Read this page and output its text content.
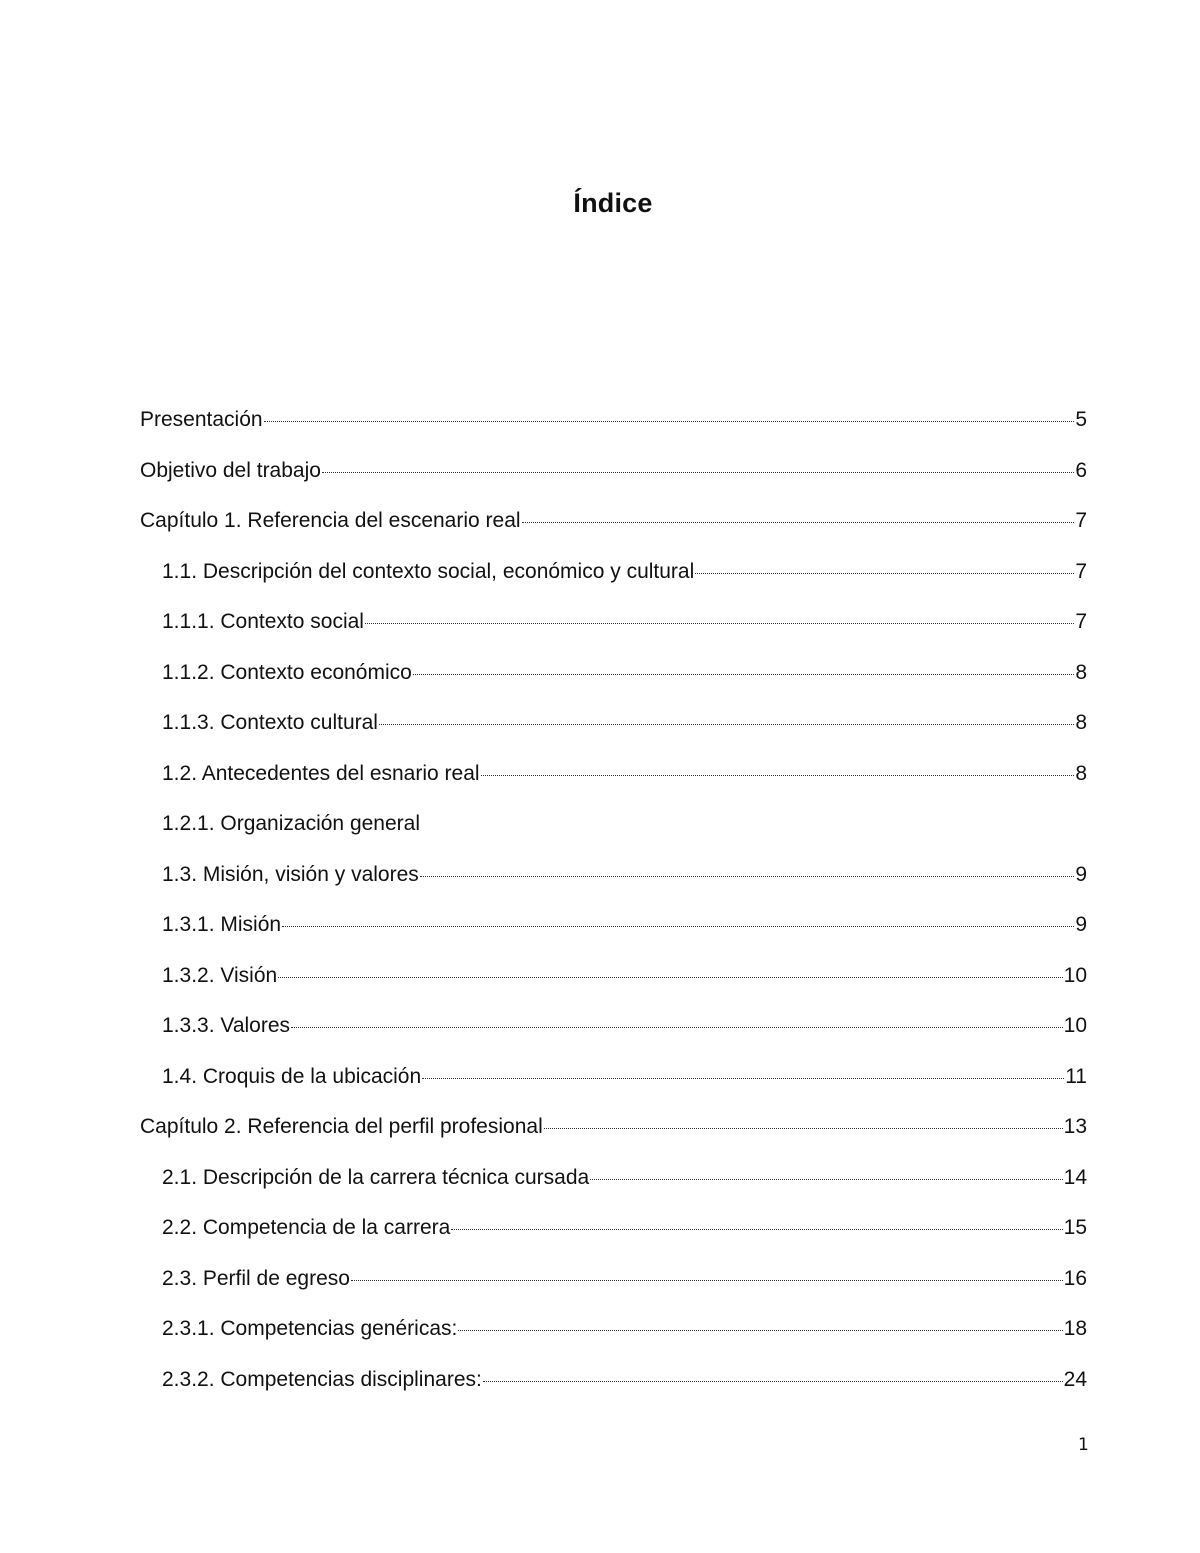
Índice
Presentación	5
Objetivo del trabajo	6
Capítulo 1. Referencia del escenario real	7
1.1. Descripción del contexto social, económico y cultural	7
1.1.1. Contexto social	7
1.1.2. Contexto económico	8
1.1.3. Contexto cultural	8
1.2. Antecedentes del esnario real	8
1.2.1. Organización general
1.3. Misión, visión y valores	9
1.3.1. Misión	9
1.3.2. Visión	10
1.3.3. Valores	10
1.4. Croquis de la ubicación	11
Capítulo 2. Referencia del perfil profesional	13
2.1. Descripción de la carrera técnica cursada	14
2.2. Competencia de la carrera	15
2.3. Perfil de egreso	16
2.3.1. Competencias genéricas:	18
2.3.2. Competencias disciplinares:	24
1
